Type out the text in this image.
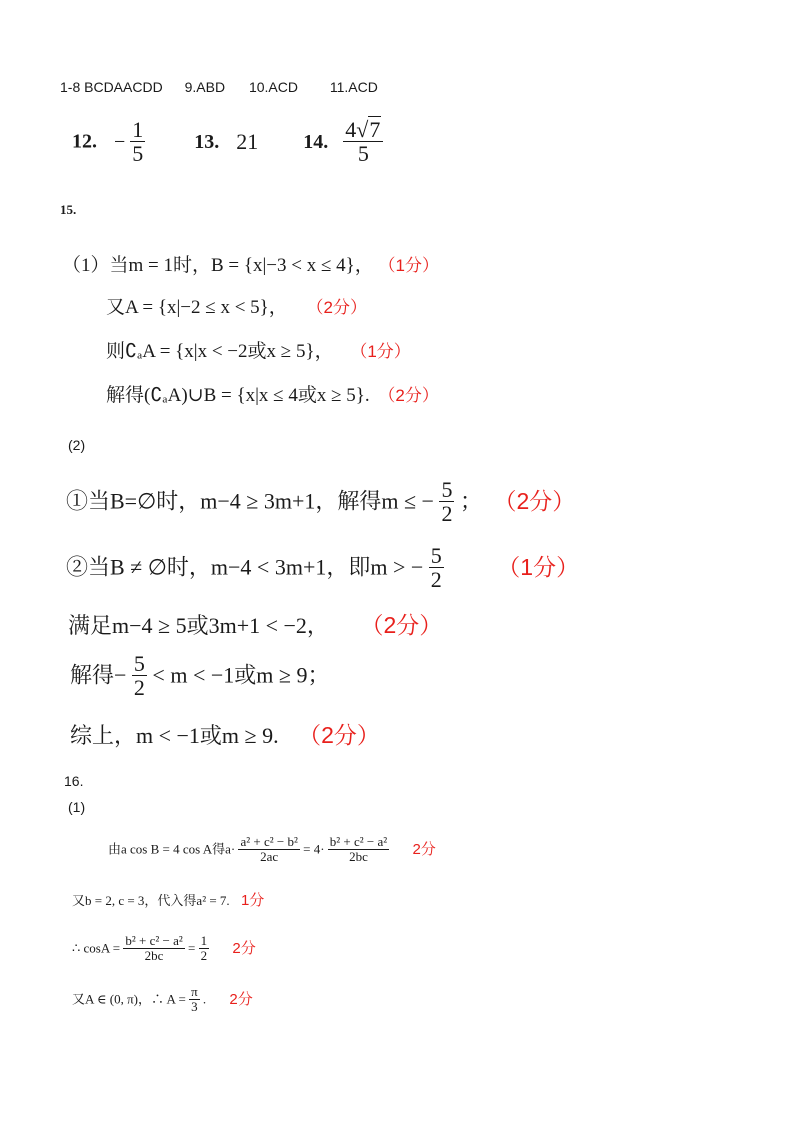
1-8 BCDAACDD 9.ABD 10.ACD 11.ACD
12. − $\frac{1}{5} 13$. 21 14. $\frac{4√7}{5}$
15.
（1）当m = 1时，B = {x|−3 < x ≤ 4}， （1分）
又A = {x|−2 ≤ x < 5}， （2分）
则∁ₐA = {x|x < −2或x ≥ 5}， （1分）
解得(∁ₐA)∪B = {x|x ≤ 4或x ≥ 5}. （2分）
(2)
①当B=∅时，m−4 ≥ 3m+1，解得m ≤ − $\frac{5}{2}$ ； （2分）
②当B ≠ ∅时，m−4 < 3m+1，即m > − $\frac{5}{2} (1$分）
满足m−4 ≥ 5或3m+1 < −2， （2分）
解得− $\frac{5}{2} < m < -1$或m ≥ 9；
综上，m < −1或m ≥ 9. （2分）
16.
(1)
由a cos B = 4 cos A得$a\cdot \frac{\text{a² + c² − b²}}{2ac} = 4\cdot \frac{\text{b² + c² − a²}}{2bc} 2$分
又b = 2, c = 3，代入得a² = 7. 1分
∴ $\cos A = \frac{\text{b² + c² − a²}}{2bc} = \frac{1}{2} 2$分
又A ∈ (0, π)，∴ $A = \frac{\pi}{3}$ . 2分
